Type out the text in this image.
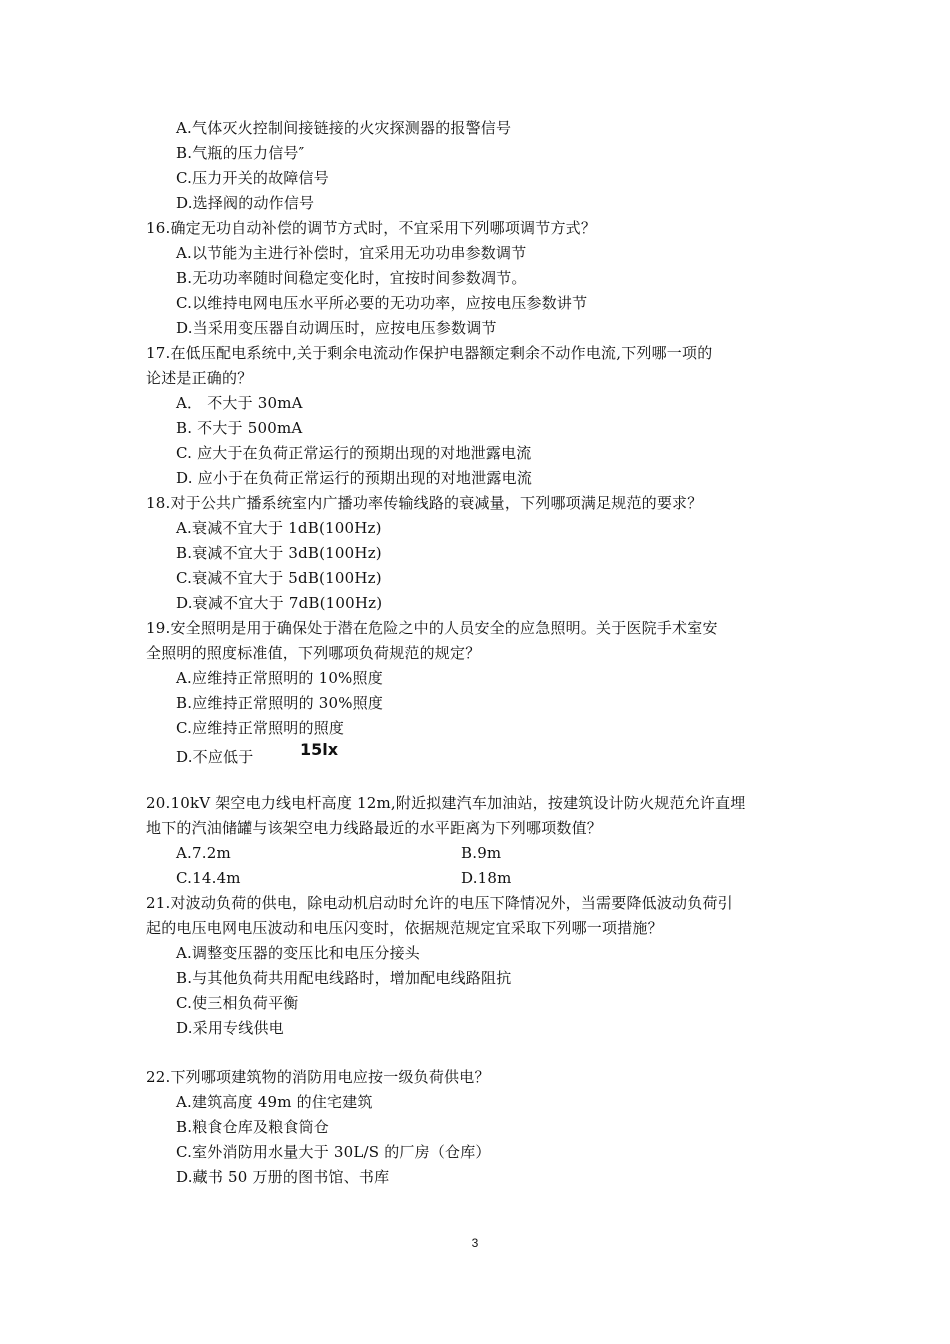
A.气体灭火控制间接链接的火灾探测器的报警信号
B.气瓶的压力信号″
C.压力开关的故障信号
D.选择阀的动作信号
16.确定无功自动补偿的调节方式时，不宜采用下列哪项调节方式？
A.以节能为主进行补偿时，宜采用无功功串参数调节
B.无功功率随时间稳定变化时，宜按时间参数凋节。
C.以维持电网电压水平所必要的无功功率，应按电压参数讲节
D.当采用变压器自动调压时，应按电压参数调节
17.在低压配电系统中,关于剩余电流动作保护电器额定剩余不动作电流,下列哪一项的
论述是正确的？
A． 不大于 30mA
B. 不大于 500mA
C. 应大于在负荷正常运行的预期出现的对地泄露电流
D. 应小于在负荷正常运行的预期出现的对地泄露电流
18.对于公共广播系统室内广播功率传输线路的衰减量，下列哪项满足规范的要求？
A.衰减不宜大于 1dB(100Hz)
B.衰减不宜大于 3dB(100Hz)
C.衰减不宜大于 5dB(100Hz)
D.衰减不宜大于 7dB(100Hz)
19.安全照明是用于确保处于潜在危险之中的人员安全的应急照明。关于医院手术室安
全照明的照度标准值，下列哪项负荷规范的规定？
A.应维持正常照明的 10%照度
B.应维持正常照明的 30%照度
C.应维持正常照明的照度
D.不应低于	15lx
20.10kV 架空电力线电杆高度 12m,附近拟建汽车加油站，按建筑设计防火规范允许直埋
地下的汽油储罐与该架空电力线路最近的水平距离为下列哪项数值？
A.7.2m	B.9m
C.14.4m	D.18m
21.对波动负荷的供电，除电动机启动时允许的电压下降情况外，当需要降低波动负荷引
起的电压电网电压波动和电压闪变时，依据规范规定宜采取下列哪一项措施？
A.调整变压器的变压比和电压分接头
B.与其他负荷共用配电线路时，增加配电线路阻抗
C.使三相负荷平衡
D.采用专线供电
22.下列哪项建筑物的消防用电应按一级负荷供电？
A.建筑高度 49m 的住宅建筑
B.粮食仓库及粮食筒仓
C.室外消防用水量大于 30L/S 的厂房（仓库）
D.藏书 50 万册的图书馆、书库
3
